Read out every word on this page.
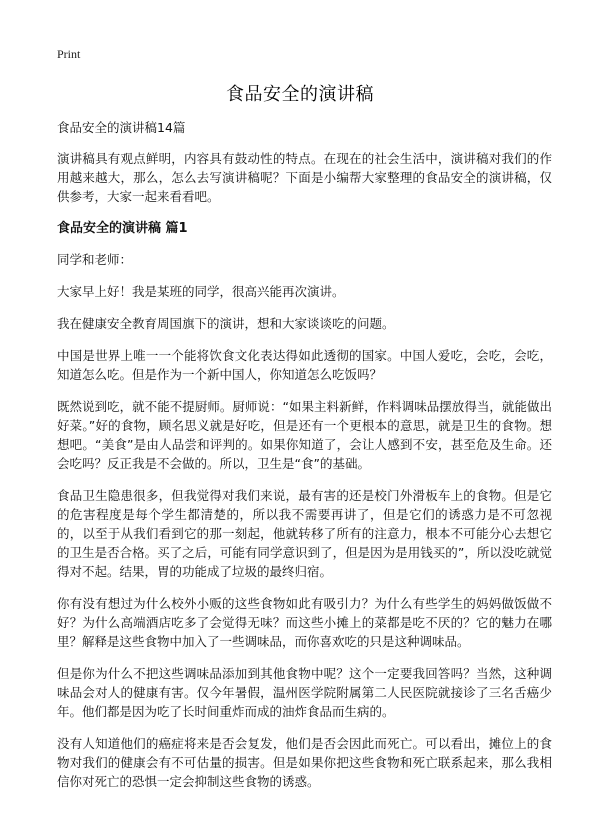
Print
食品安全的演讲稿

食品安全的演讲稿14篇

演讲稿具有观点鲜明，内容具有鼓动性的特点。在现在的社会生活中，演讲稿对我们的作用越来越大，那么，怎么去写演讲稿呢？下面是小编帮大家整理的食品安全的演讲稿，仅供参考，大家一起来看看吧。

食品安全的演讲稿 篇1

同学和老师：

大家早上好！我是某班的同学，很高兴能再次演讲。

我在健康安全教育周国旗下的演讲，想和大家谈谈吃的问题。

中国是世界上唯一一个能将饮食文化表达得如此透彻的国家。中国人爱吃，会吃，会吃，知道怎么吃。但是作为一个新中国人，你知道怎么吃饭吗？

既然说到吃，就不能不提厨师。厨师说：“如果主料新鲜，作料调味品摆放得当，就能做出好菜。”好的食物，顾名思义就是好吃，但是还有一个更根本的意思，就是卫生的食物。想想吧。“美食”是由人品尝和评判的。如果你知道了，会让人感到不安，甚至危及生命。还会吃吗？反正我是不会做的。所以，卫生是“食”的基础。

食品卫生隐患很多，但我觉得对我们来说，最有害的还是校门外滑板车上的食物。但是它的危害程度是每个学生都清楚的，所以我不需要再讲了，但是它们的诱惑力是不可忽视的，以至于从我们看到它的那一刻起，他就转移了所有的注意力，根本不可能分心去想它的卫生是否合格。买了之后，可能有同学意识到了，但是因为是用钱买的”，所以没吃就觉得对不起。结果，胃的功能成了垃圾的最终归宿。

你有没有想过为什么校外小贩的这些食物如此有吸引力？为什么有些学生的妈妈做饭做不好？为什么高端酒店吃多了会觉得无味？而这些小摊上的菜都是吃不厌的？它的魅力在哪里？解释是这些食物中加入了一些调味品，而你喜欢吃的只是这种调味品。

但是你为什么不把这些调味品添加到其他食物中呢？这个一定要我回答吗？当然，这种调味品会对人的健康有害。仅今年暑假，温州医学院附属第二人民医院就接诊了三名舌癌少年。他们都是因为吃了长时间重炸而成的油炸食品而生病的。

没有人知道他们的癌症将来是否会复发，他们是否会因此而死亡。可以看出，摊位上的食物对我们的健康会有不可估量的损害。但是如果你把这些食物和死亡联系起来，那么我相信你对死亡的恐惧一定会抑制这些食物的诱惑。
